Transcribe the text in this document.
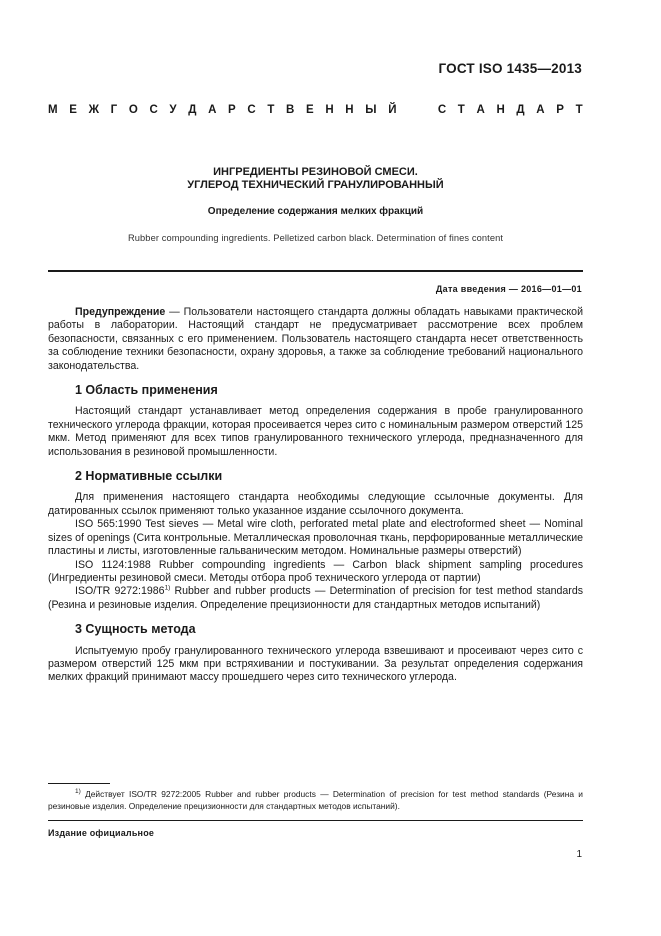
ГОСТ ISO 1435—2013
М Е Ж Г О С У Д А Р С Т В Е Н Н Ы Й

	С Т А Н Д А Р Т
ИНГРЕДИЕНТЫ РЕЗИНОВОЙ СМЕСИ.
УГЛЕРОД ТЕХНИЧЕСКИЙ ГРАНУЛИРОВАННЫЙ
Определение содержания мелких фракций
Rubber compounding ingredients. Pelletized carbon black. Determination of fines content
Дата введения — 2016—01—01

Предупреждение — Пользователи настоящего стандарта должны обладать навыками практической работы в лаборатории. Настоящий стандарт не предусматривает рассмотрение всех проблем безопасности, связанных с его применением. Пользователь настоящего стандарта несет ответственность за соблюдение техники безопасности, охрану здоровья, а также за соблюдение требований национального законодательства.

1 Область применения

Настоящий стандарт устанавливает метод определения содержания в пробе гранулированного технического углерода фракции, которая просеивается через сито с номинальным размером отверстий 125 мкм. Метод применяют для всех типов гранулированного технического углерода, предназначенного для использования в резиновой промышленности.

2 Нормативные ссылки

Для применения настоящего стандарта необходимы следующие ссылочные документы. Для датированных ссылок применяют только указанное издание ссылочного документа.

ISO 565:1990 Test sieves — Metal wire cloth, perforated metal plate and electroformed sheet — Nominal sizes of openings (Сита контрольные. Металлическая проволочная ткань, перфорированные металлические пластины и листы, изготовленные гальваническим методом. Номинальные размеры отверстий)

ISO 1124:1988 Rubber compounding ingredients — Carbon black shipment sampling procedures (Ингредиенты резиновой смеси. Методы отбора проб технического углерода от партии)

ISO/TR 9272:1986$^{1)}$ Rubber and rubber products — Determination of precision for test method standards (Резина и резиновые изделия. Определение прецизионности для стандартных методов испытаний)

3 Сущность метода

Испытуемую пробу гранулированного технического углерода взвешивают и просеивают через сито с размером отверстий 125 мкм при встряхивании и постукивании. За результат определения содержания мелких фракций принимают массу прошедшего через сито технического углерода.

$^{1)}$ Действует ISO/TR 9272:2005 Rubber and rubber products — Determination of precision for test method standards (Резина и резиновые изделия. Определение прецизионности для стандартных методов испытаний).
Издание официальное
1
